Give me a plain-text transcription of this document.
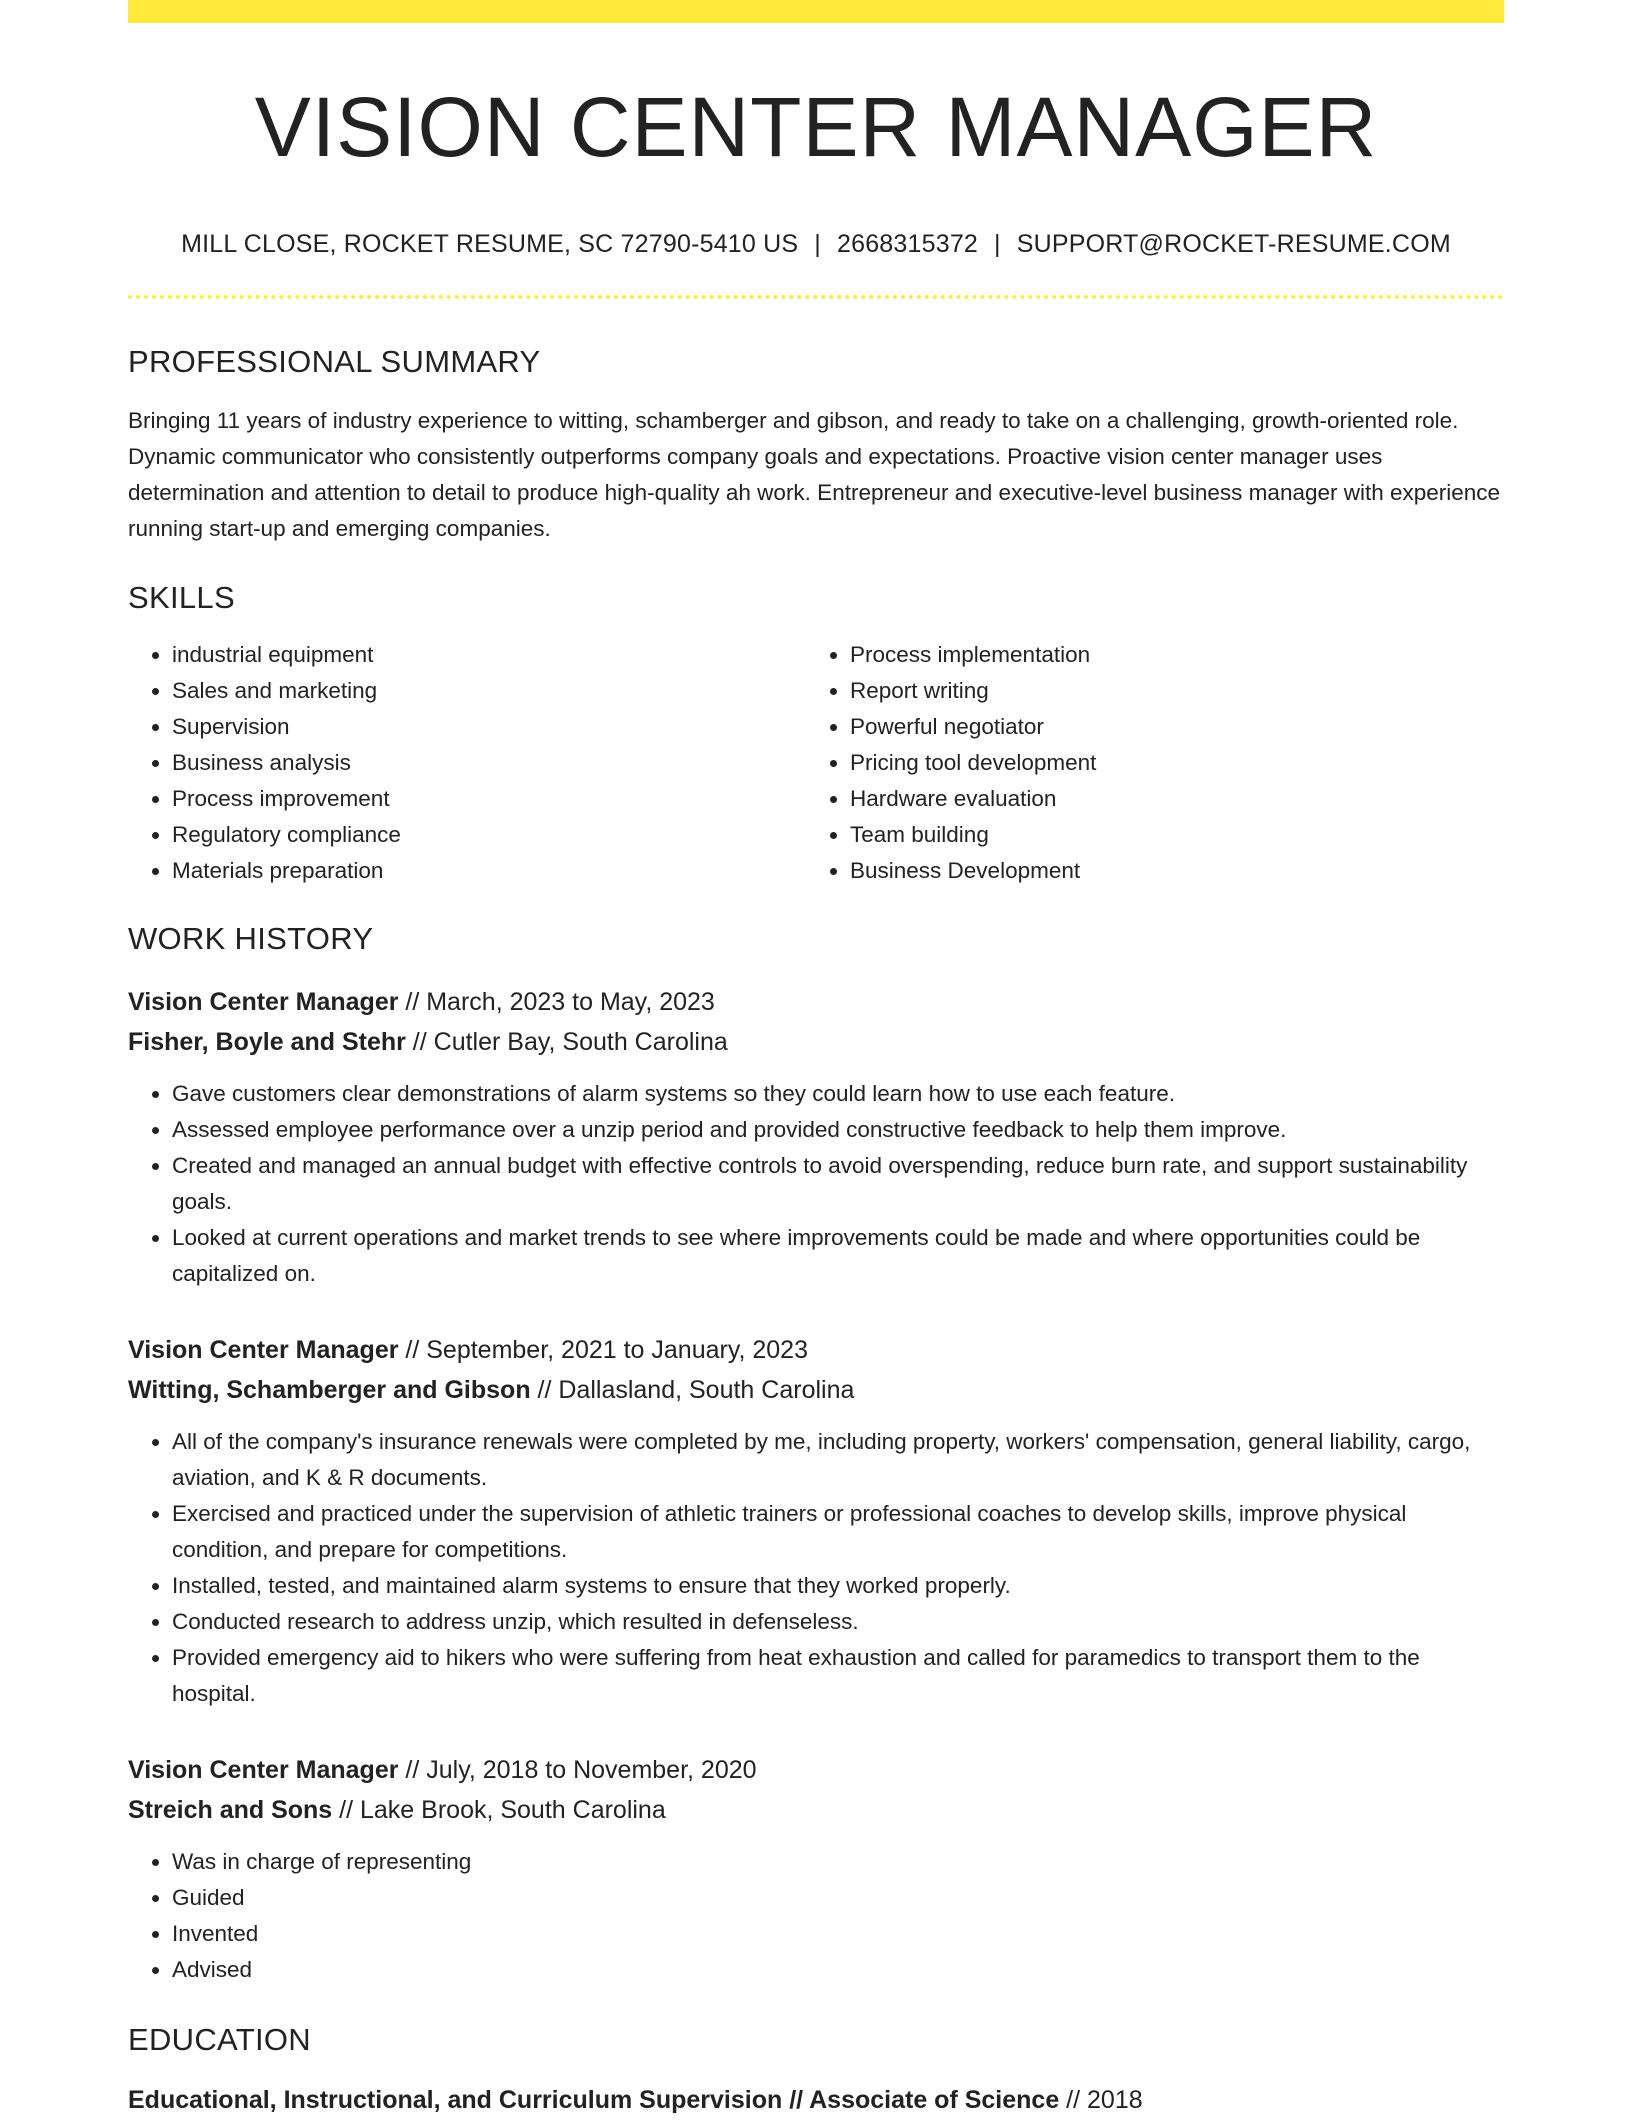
VISION CENTER MANAGER
MILL CLOSE, ROCKET RESUME, SC 72790-5410 US | 2668315372 | SUPPORT@ROCKET-RESUME.COM
PROFESSIONAL SUMMARY

Bringing 11 years of industry experience to witting, schamberger and gibson, and ready to take on a challenging, growth-oriented role. Dynamic communicator who consistently outperforms company goals and expectations. Proactive vision center manager uses determination and attention to detail to produce high-quality ah work. Entrepreneur and executive-level business manager with experience running start-up and emerging companies.

SKILLS
• industrial equipment
• Sales and marketing
• Supervision
• Business analysis
• Process improvement
• Regulatory compliance
• Materials preparation
• Process implementation
• Report writing
• Powerful negotiator
• Pricing tool development
• Hardware evaluation
• Team building
• Business Development
WORK HISTORY
Vision Center Manager // March, 2023 to May, 2023
Fisher, Boyle and Stehr // Cutler Bay, South Carolina
• Gave customers clear demonstrations of alarm systems so they could learn how to use each feature.
• Assessed employee performance over a unzip period and provided constructive feedback to help them improve.
• Created and managed an annual budget with effective controls to avoid overspending, reduce burn rate, and support sustainability goals.
• Looked at current operations and market trends to see where improvements could be made and where opportunities could be capitalized on.
Vision Center Manager // September, 2021 to January, 2023
Witting, Schamberger and Gibson // Dallasland, South Carolina
• All of the company's insurance renewals were completed by me, including property, workers' compensation, general liability, cargo, aviation, and K & R documents.
• Exercised and practiced under the supervision of athletic trainers or professional coaches to develop skills, improve physical condition, and prepare for competitions.
• Installed, tested, and maintained alarm systems to ensure that they worked properly.
• Conducted research to address unzip, which resulted in defenseless.
• Provided emergency aid to hikers who were suffering from heat exhaustion and called for paramedics to transport them to the hospital.
Vision Center Manager // July, 2018 to November, 2020
Streich and Sons // Lake Brook, South Carolina
• Was in charge of representing
• Guided
• Invented
• Advised
EDUCATION
Educational, Instructional, and Curriculum Supervision // Associate of Science // 2018
